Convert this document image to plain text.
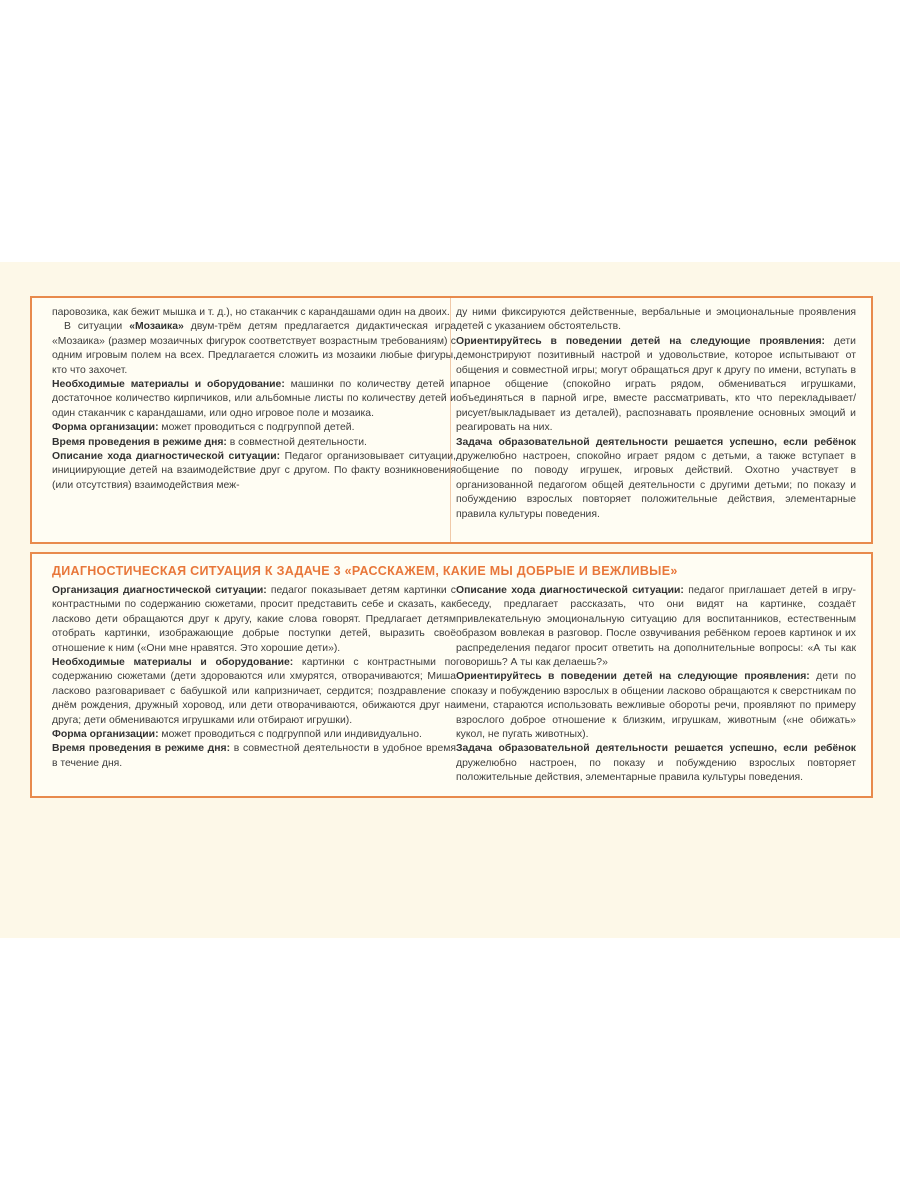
паровозика, как бежит мышка и т. д.), но стаканчик с карандашами один на двоих.

В ситуации «Мозаика» двум-трём детям предлагается дидактическая игра «Мозаика» (размер мозаичных фигурок соответствует возрастным требованиям) с одним игровым полем на всех. Предлагается сложить из мозаики любые фигуры, кто что захочет.

Необходимые материалы и оборудование: машинки по количеству детей и достаточное количество кирпичиков, или альбомные листы по количеству детей и один стаканчик с карандашами, или одно игровое поле и мозаика.

Форма организации: может проводиться с подгруппой детей.

Время проведения в режиме дня: в совместной деятельности.

Описание хода диагностической ситуации: Педагог организовывает ситуации, инициирующие детей на взаимодействие друг с другом. По факту возникновения (или отсутствия) взаимодействия меж-

ду ними фиксируются действенные, вербальные и эмоциональные проявления детей с указанием обстоятельств.

Ориентируйтесь в поведении детей на следующие проявления: дети демонстрируют позитивный настрой и удовольствие, которое испытывают от общения и совместной игры; могут обращаться друг к другу по имени, вступать в парное общение (спокойно играть рядом, обмениваться игрушками, объединяться в парной игре, вместе рассматривать, кто что перекладывает/рисует/выкладывает из деталей), распознавать проявление основных эмоций и реагировать на них.

Задача образовательной деятельности решается успешно, если ребёнок дружелюбно настроен, спокойно играет рядом с детьми, а также вступает в общение по поводу игрушек, игровых действий. Охотно участвует в организованной педагогом общей деятельности с другими детьми; по показу и побуждению взрослых повторяет положительные действия, элементарные правила культуры поведения.

ДИАГНОСТИЧЕСКАЯ СИТУАЦИЯ К ЗАДАЧЕ 3 «РАССКАЖЕМ, КАКИЕ МЫ ДОБРЫЕ И ВЕЖЛИВЫЕ»

Организация диагностической ситуации: педагог показывает детям картинки с контрастными по содержанию сюжетами, просит представить себе и сказать, как ласково дети обращаются друг к другу, какие слова говорят. Предлагает детям отобрать картинки, изображающие добрые поступки детей, выразить своё отношение к ним («Они мне нравятся. Это хорошие дети»).

Необходимые материалы и оборудование: картинки с контрастными по содержанию сюжетами (дети здороваются или хмурятся, отворачиваются; Миша ласково разговаривает с бабушкой или капризничает, сердится; поздравление с днём рождения, дружный хоровод, или дети отворачиваются, обижаются друг на друга; дети обмениваются игрушками или отбирают игрушки).

Форма организации: может проводиться с подгруппой или индивидуально.

Время проведения в режиме дня: в совместной деятельности в удобное время в течение дня.

Описание хода диагностической ситуации: педагог приглашает детей в игру-беседу, предлагает рассказать, что они видят на картинке, создаёт привлекательную эмоциональную ситуацию для воспитанников, естественным образом вовлекая в разговор. После озвучивания ребёнком героев картинок и их распределения педагог просит ответить на дополнительные вопросы: «А ты как говоришь? А ты как делаешь?»

Ориентируйтесь в поведении детей на следующие проявления: дети по показу и побуждению взрослых в общении ласково обращаются к сверстникам по имени, стараются использовать вежливые обороты речи, проявляют по примеру взрослого доброе отношение к близким, игрушкам, животным («не обижать» кукол, не пугать животных).

Задача образовательной деятельности решается успешно, если ребёнок дружелюбно настроен, по показу и побуждению взрослых повторяет положительные действия, элементарные правила культуры поведения.
